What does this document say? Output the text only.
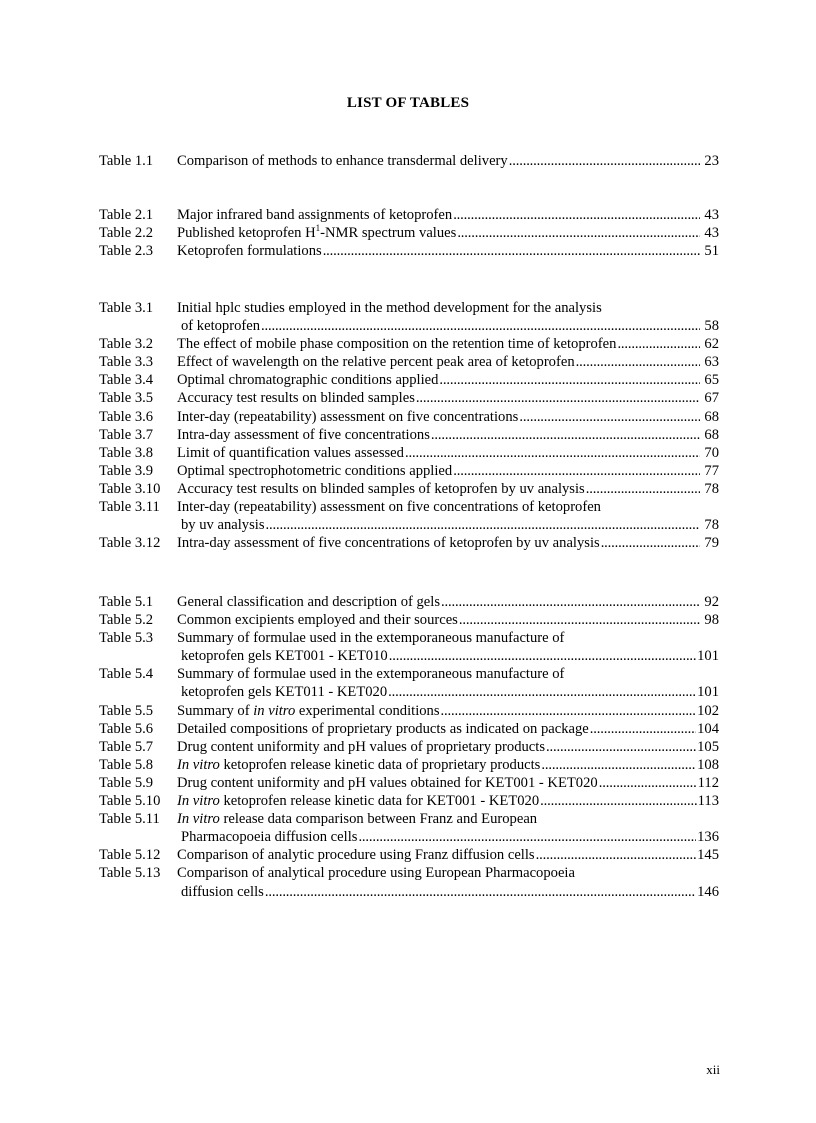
LIST OF TABLES
Table 1.1	Comparison of methods to enhance transdermal delivery . . .	23
Table 2.1	Major infrared band assignments of ketoprofen . . .	43
Table 2.2	Published ketoprofen $H^1$-NMR spectrum values . . .	43
Table 2.3	Ketoprofen formulations . . .	51
Table 3.1	Initial hplc studies employed in the method development for the analysis
of ketoprofen . . .	58
Table 3.2	The effect of mobile phase composition on the retention time of ketoprofen . . .	62
Table 3.3	Effect of wavelength on the relative percent peak area of ketoprofen . . .	63
Table 3.4	Optimal chromatographic conditions applied . . .	65
Table 3.5	Accuracy test results on blinded samples . . .	67
Table 3.6	Inter-day (repeatability) assessment on five concentrations . . .	68
Table 3.7	Intra-day assessment of five concentrations . . .	68
Table 3.8	Limit of quantification values assessed . . .	70
Table 3.9	Optimal spectrophotometric conditions applied . . .	77
Table 3.10	Accuracy test results on blinded samples of ketoprofen by uv analysis . . .	78
Table 3.11	Inter-day (repeatability) assessment on five concentrations of ketoprofen
by uv analysis . . .	78
Table 3.12	Intra-day assessment of five concentrations of ketoprofen by uv analysis . . .	79
Table 5.1	General classification and description of gels . . .	92
Table 5.2	Common excipients employed and their sources . . .	98
Table 5.3	Summary of formulae used in the extemporaneous manufacture of
ketoprofen gels KET001 - KET010 . . .	101
Table 5.4	Summary of formulae used in the extemporaneous manufacture of
ketoprofen gels KET011 - KET020 . . .	101
Table 5.5	Summary of in vitro experimental conditions . . .	102
Table 5.6	Detailed compositions of proprietary products as indicated on package . . .	104
Table 5.7	Drug content uniformity and pH values of proprietary products . . .	105
Table 5.8	In vitro ketoprofen release kinetic data of proprietary products . . .	108
Table 5.9	Drug content uniformity and pH values obtained for KET001 - KET020 . . .	112
Table 5.10	In vitro ketoprofen release kinetic data for KET001 - KET020 . . .	113
Table 5.11	In vitro release data comparison between Franz and European
Pharmacopoeia diffusion cells . . .	136
Table 5.12	Comparison of analytic procedure using Franz diffusion cells . . .	145
Table 5.13	Comparison of analytical procedure using European Pharmacopoeia
diffusion cells . . .	146
xii
